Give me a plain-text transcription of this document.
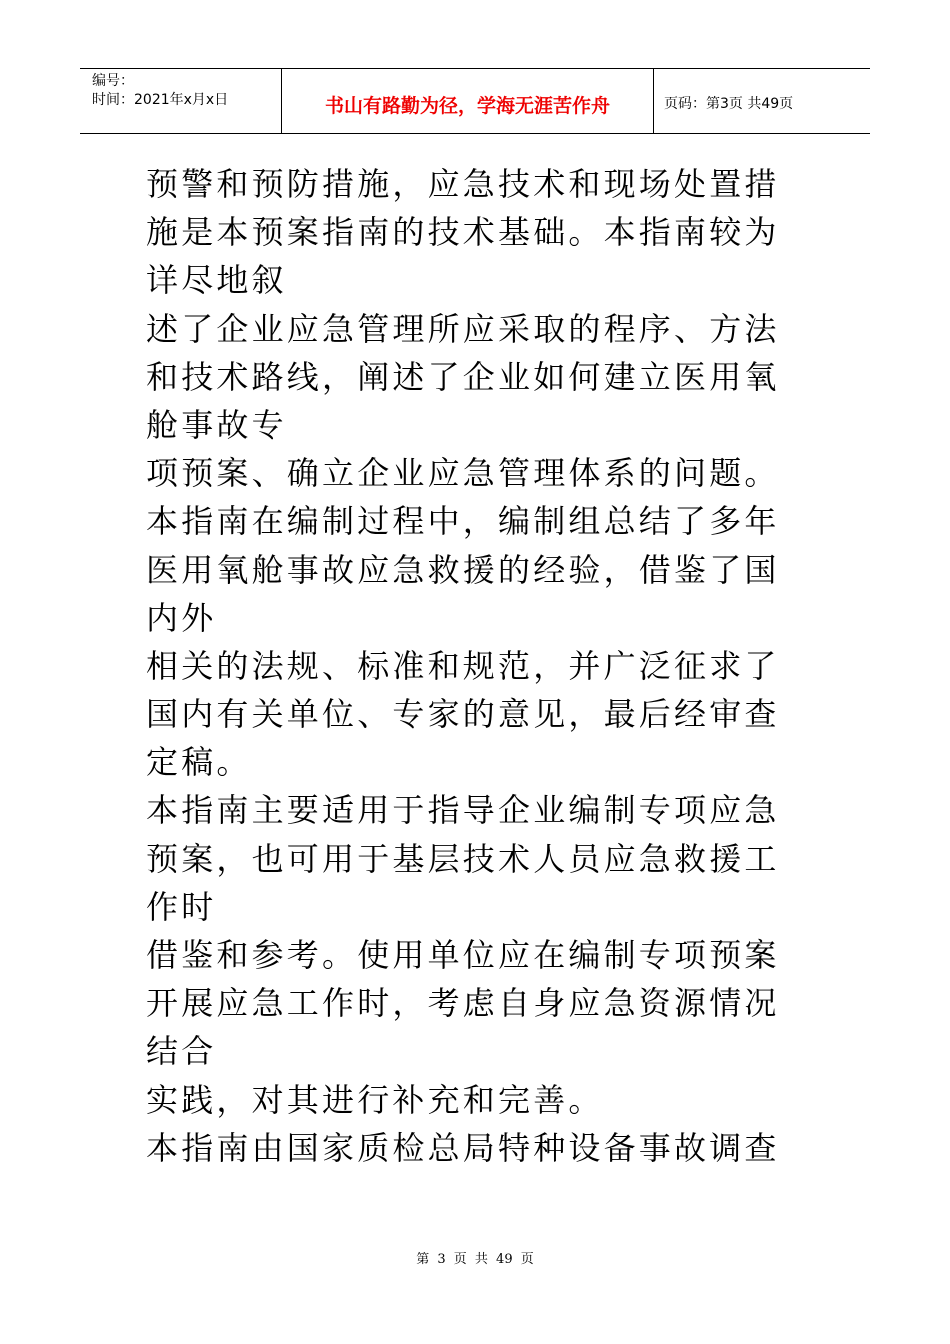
编号：
时间：2021年x月x日	书山有路勤为径，学海无涯苦作舟	页码：第3页 共49页
预警和预防措施，应急技术和现场处置措
施是本预案指南的技术基础。本指南较为
详尽地叙
述了企业应急管理所应采取的程序、方法
和技术路线，阐述了企业如何建立医用氧
舱事故专
项预案、确立企业应急管理体系的问题。
本指南在编制过程中，编制组总结了多年
医用氧舱事故应急救援的经验，借鉴了国
内外
相关的法规、标准和规范，并广泛征求了
国内有关单位、专家的意见，最后经审查
定稿。
本指南主要适用于指导企业编制专项应急
预案，也可用于基层技术人员应急救援工
作时
借鉴和参考。使用单位应在编制专项预案
开展应急工作时，考虑自身应急资源情况
结合
实践，对其进行补充和完善。
本指南由国家质检总局特种设备事故调查
第 3 页 共 49 页
